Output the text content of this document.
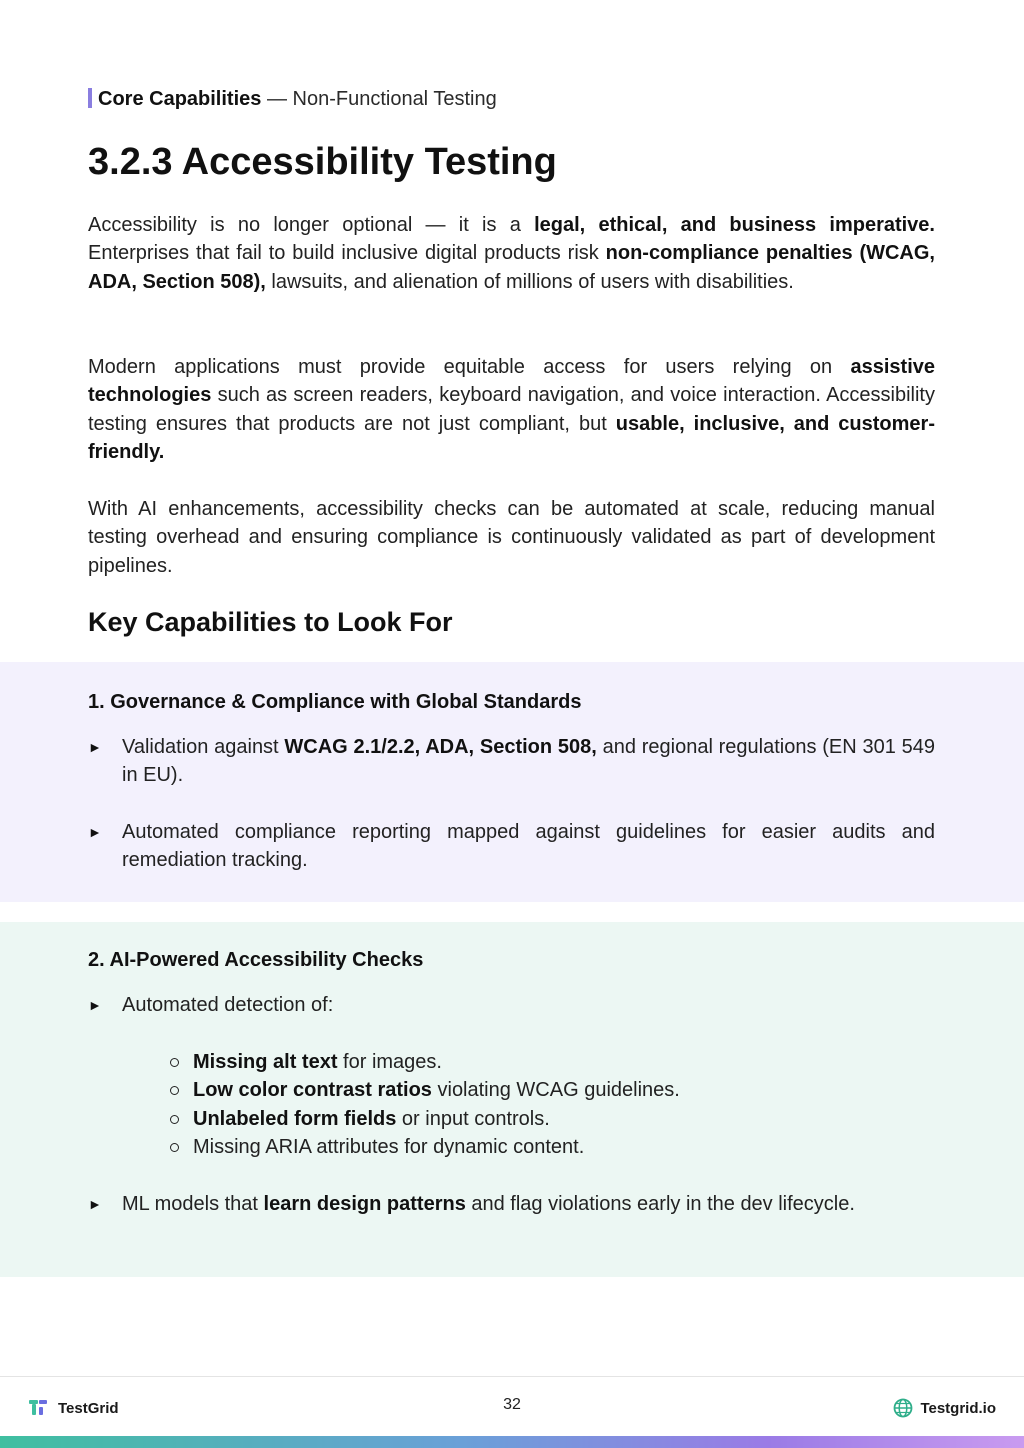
Core Capabilities — Non-Functional Testing
3.2.3 Accessibility Testing

Accessibility is no longer optional — it is a legal, ethical, and business imperative. Enterprises that fail to build inclusive digital products risk non-compliance penalties (WCAG, ADA, Section 508), lawsuits, and alienation of millions of users with disabilities.

Modern applications must provide equitable access for users relying on assistive technologies such as screen readers, keyboard navigation, and voice interaction. Accessibility testing ensures that products are not just compliant, but usable, inclusive, and customer-friendly.

With AI enhancements, accessibility checks can be automated at scale, reducing manual testing overhead and ensuring compliance is continuously validated as part of development pipelines.

Key Capabilities to Look For
1. Governance & Compliance with Global Standards
► Validation against WCAG 2.1/2.2, ADA, Section 508, and regional regulations (EN 301 549 in EU).

► Automated compliance reporting mapped against guidelines for easier audits and remediation tracking.

2. AI-Powered Accessibility Checks
► Automated detection of:

Missing alt text for images.
Low color contrast ratios violating WCAG guidelines.
Unlabeled form fields or input controls.
Missing ARIA attributes for dynamic content.
► ML models that learn design patterns and flag violations early in the dev lifecycle.

TestGrid	32	Testgrid.io
